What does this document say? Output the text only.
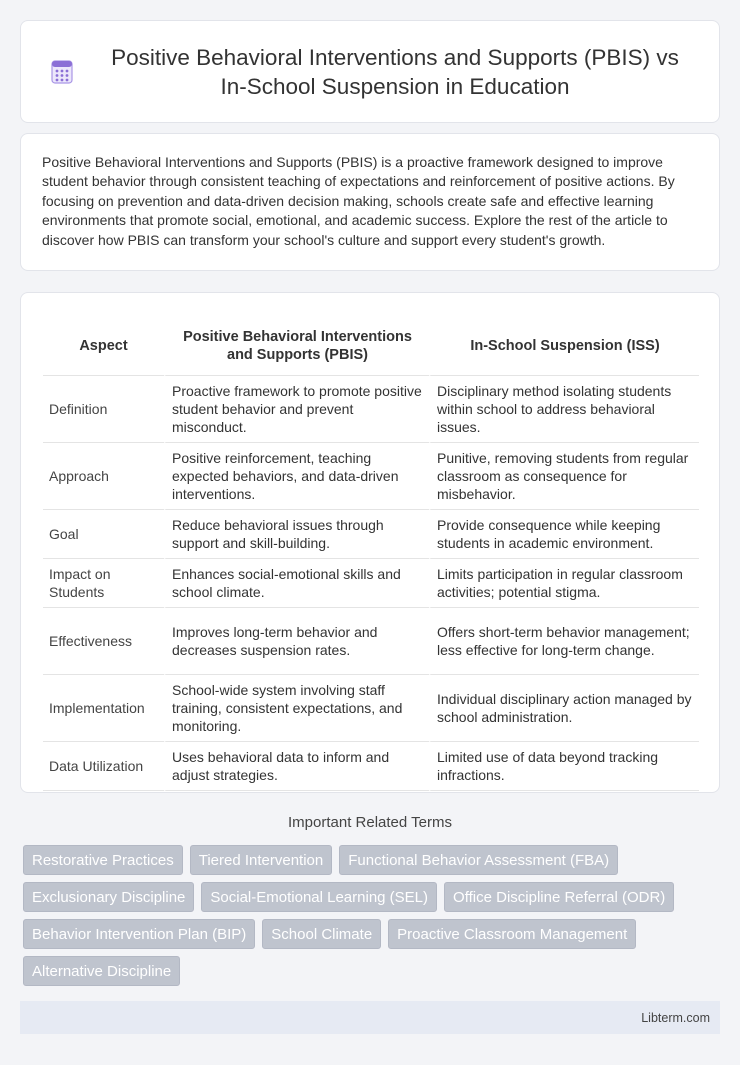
Positive Behavioral Interventions and Supports (PBIS) vs In-School Suspension in Education

Positive Behavioral Interventions and Supports (PBIS) is a proactive framework designed to improve student behavior through consistent teaching of expectations and reinforcement of positive actions. By focusing on prevention and data-driven decision making, schools create safe and effective learning environments that promote social, emotional, and academic success. Explore the rest of the article to discover how PBIS can transform your school's culture and support every student's growth.

Aspect	Positive Behavioral Interventions and Supports (PBIS)	In-School Suspension (ISS)
Definition	Proactive framework to promote positive student behavior and prevent misconduct.	Disciplinary method isolating students within school to address behavioral issues.
Approach	Positive reinforcement, teaching expected behaviors, and data-driven interventions.	Punitive, removing students from regular classroom as consequence for misbehavior.
Goal	Reduce behavioral issues through support and skill-building.	Provide consequence while keeping students in academic environment.
Impact on Students	Enhances social-emotional skills and school climate.	Limits participation in regular classroom activities; potential stigma.
Effectiveness	Improves long-term behavior and decreases suspension rates.	Offers short-term behavior management; less effective for long-term change.
Implementation	School-wide system involving staff training, consistent expectations, and monitoring.	Individual disciplinary action managed by school administration.
Data Utilization	Uses behavioral data to inform and adjust strategies.	Limited use of data beyond tracking infractions.
Important Related Terms
Restorative Practices	Tiered Intervention	Functional Behavior Assessment (FBA)
Exclusionary Discipline	Social-Emotional Learning (SEL)	Office Discipline Referral (ODR)
Behavior Intervention Plan (BIP)	School Climate	Proactive Classroom Management
Alternative Discipline
Libterm.com
